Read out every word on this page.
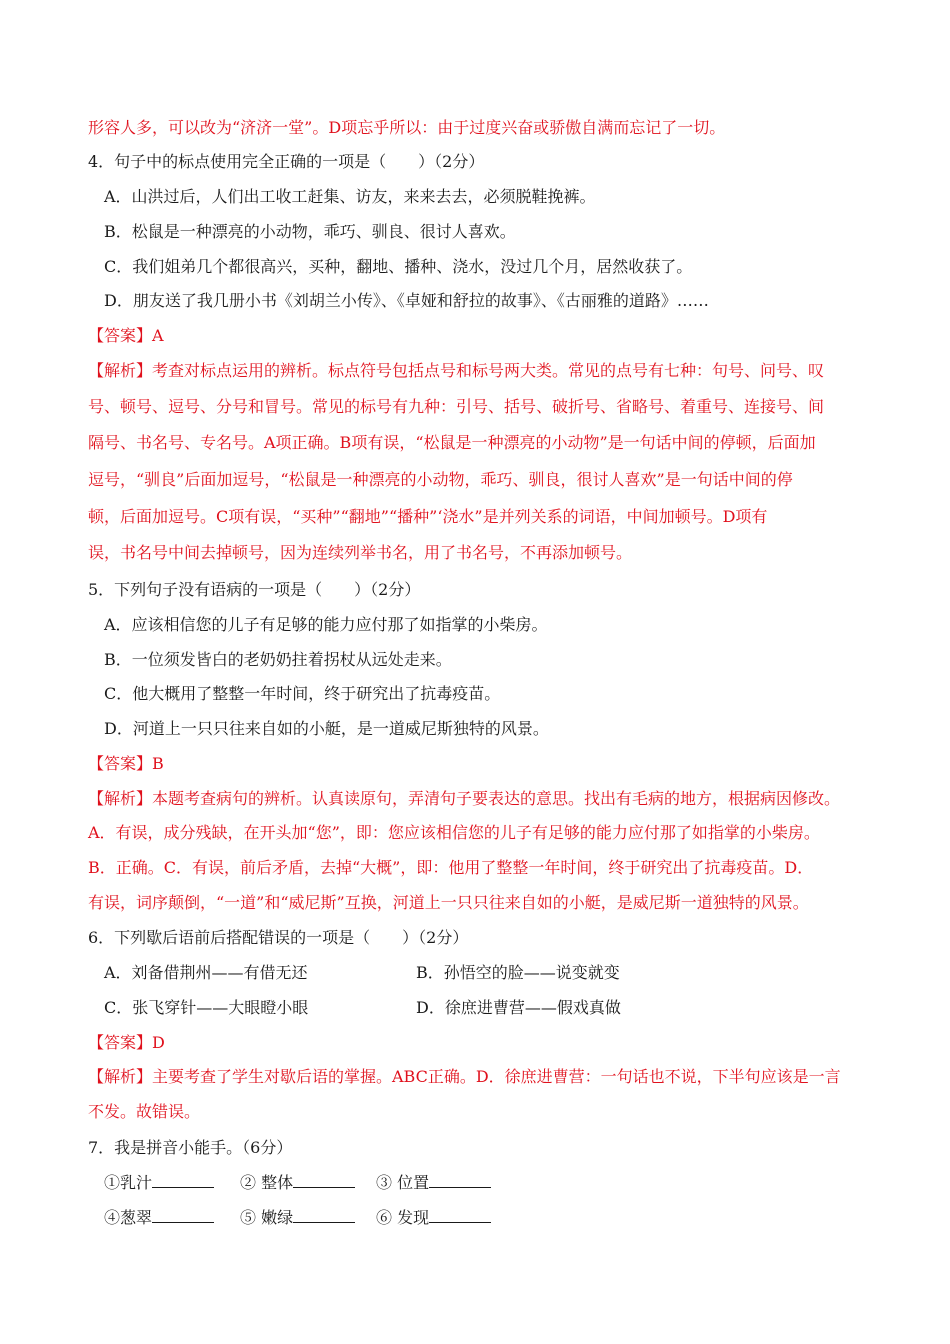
形容人多，可以改为“济济一堂”。D项忘乎所以：由于过度兴奋或骄傲自满而忘记了一切。
4．句子中的标点使用完全正确的一项是（　　）（2分）
A．山洪过后，人们出工收工赶集、访友，来来去去，必须脱鞋挽裤。
B．松鼠是一种漂亮的小动物，乖巧、驯良、很讨人喜欢。
C．我们姐弟几个都很高兴，买种，翻地、播种、浇水，没过几个月，居然收获了。
D．朋友送了我几册小书《刘胡兰小传》、《卓娅和舒拉的故事》、《古丽雅的道路》……
【答案】A
【解析】考查对标点运用的辨析。标点符号包括点号和标号两大类。常见的点号有七种：句号、问号、叹
号、顿号、逗号、分号和冒号。常见的标号有九种：引号、括号、破折号、省略号、着重号、连接号、间
隔号、书名号、专名号。A项正确。B项有误，“松鼠是一种漂亮的小动物”是一句话中间的停顿，后面加
逗号，“驯良”后面加逗号，“松鼠是一种漂亮的小动物，乖巧、驯良，很讨人喜欢”是一句话中间的停
顿，后面加逗号。C项有误，“买种”“翻地”“播种”‘浇水”是并列关系的词语，中间加顿号。D项有
误，书名号中间去掉顿号，因为连续列举书名，用了书名号，不再添加顿号。
5．下列句子没有语病的一项是（　　）（2分）
A．应该相信您的儿子有足够的能力应付那了如指掌的小柴房。
B．一位须发皆白的老奶奶拄着拐杖从远处走来。
C．他大概用了整整一年时间，终于研究出了抗毒疫苗。
D．河道上一只只往来自如的小艇，是一道威尼斯独特的风景。
【答案】B
【解析】本题考查病句的辨析。认真读原句，弄清句子要表达的意思。找出有毛病的地方，根据病因修改。
A．有误，成分残缺，在开头加“您”，即：您应该相信您的儿子有足够的能力应付那了如指掌的小柴房。
B．正确。C．有误，前后矛盾，去掉“大概”，即：他用了整整一年时间，终于研究出了抗毒疫苗。D．
有误，词序颠倒，“一道”和“威尼斯”互换，河道上一只只往来自如的小艇，是威尼斯一道独特的风景。
6．下列歇后语前后搭配错误的一项是（　　）（2分）
A．刘备借荆州——有借无还	B．孙悟空的脸——说变就变
C．张飞穿针——大眼瞪小眼	D．徐庶进曹营——假戏真做
【答案】D
【解析】主要考查了学生对歇后语的掌握。ABC正确。D．徐庶进曹营：一句话也不说，下半句应该是一言
不发。故错误。
7．我是拼音小能手。（6分）
①乳汁	② 整体	③ 位置
④葱翠	⑤ 嫩绿	⑥ 发现
